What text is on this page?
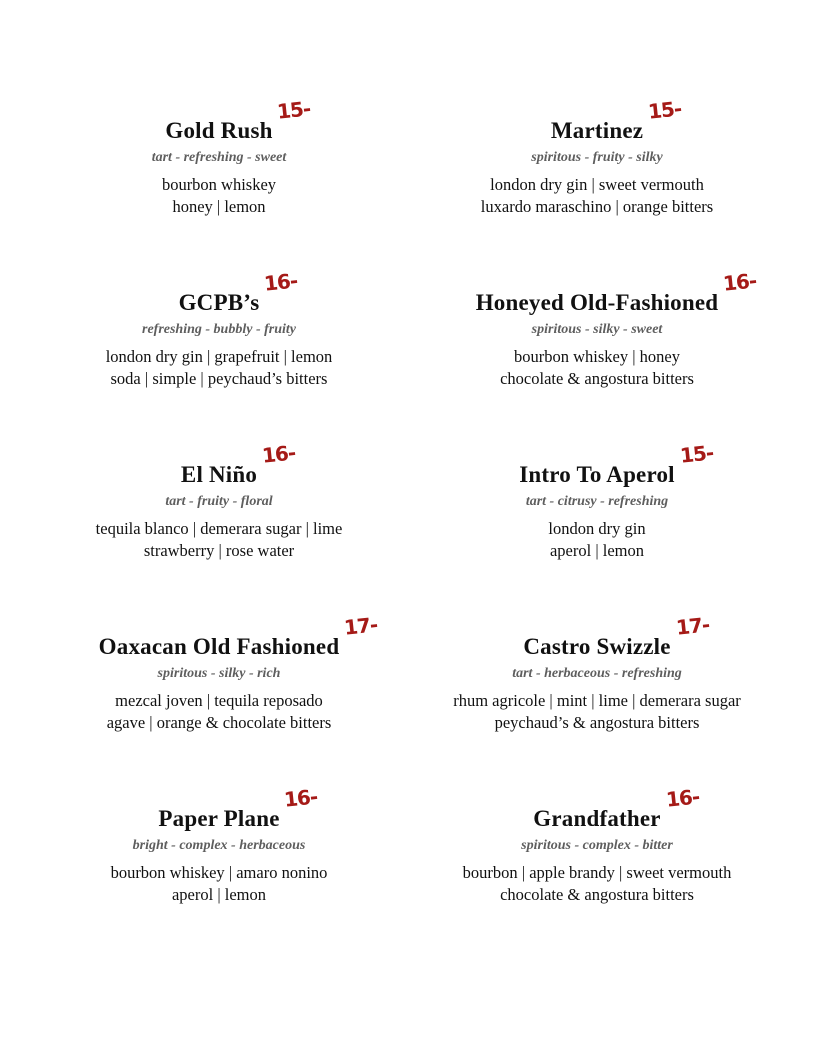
Gold Rush
15-
tart - refreshing - sweet
bourbon whiskey
honey | lemon
Martinez
15-
spiritous - fruity - silky
london dry gin | sweet vermouth
luxardo maraschino | orange bitters
GCPB’s
16-
refreshing - bubbly - fruity
london dry gin | grapefruit | lemon
soda | simple | peychaud’s bitters
Honeyed Old-Fashioned
16-
spiritous - silky - sweet
bourbon whiskey | honey
chocolate & angostura bitters
El Niño
16-
tart - fruity - floral
tequila blanco | demerara sugar | lime
strawberry | rose water
Intro To Aperol
15-
tart - citrusy - refreshing
london dry gin
aperol | lemon
Oaxacan Old Fashioned
17-
spiritous - silky - rich
mezcal joven | tequila reposado
agave | orange & chocolate bitters
Castro Swizzle
17-
tart - herbaceous - refreshing
rhum agricole | mint | lime | demerara sugar
peychaud’s & angostura bitters
Paper Plane
16-
bright - complex - herbaceous
bourbon whiskey | amaro nonino
aperol | lemon
Grandfather
16-
spiritous - complex - bitter
bourbon | apple brandy | sweet vermouth
chocolate & angostura bitters
